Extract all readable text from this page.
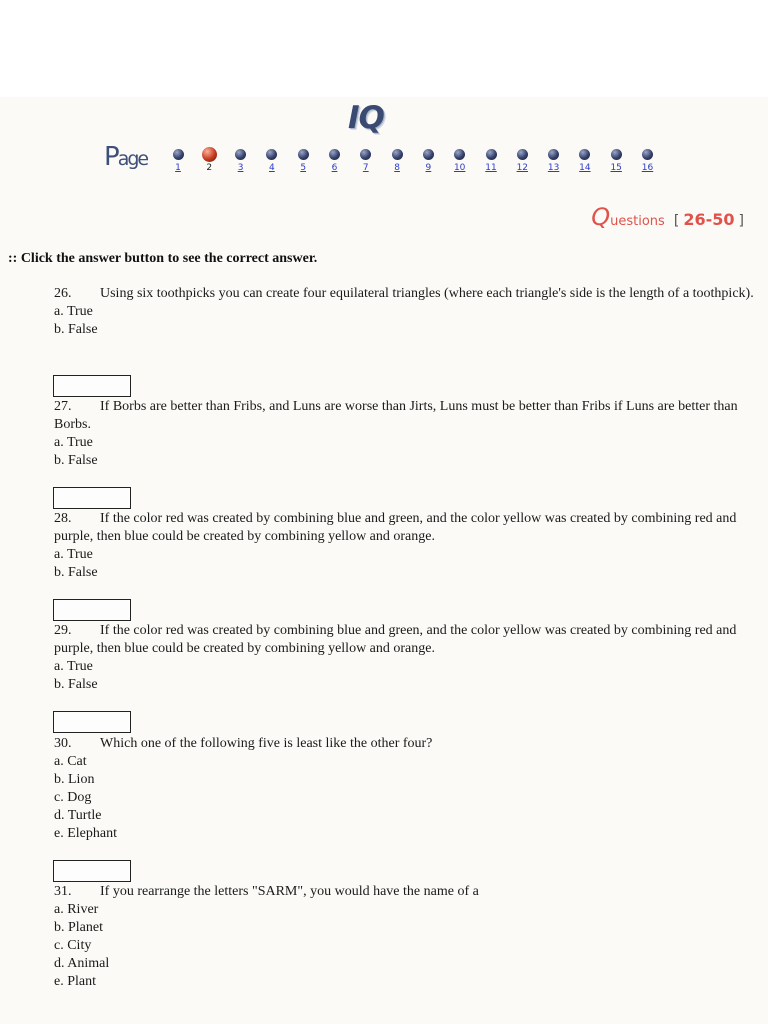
IQ
Page	1	2	3	4	5	6	7	8	9	10	11	12	13	14	15	16
Questions [ 26-50 ]
:: Click the answer button to see the correct answer.
26. Using six toothpicks you can create four equilateral triangles (where each triangle's side is the length of a toothpick).
a. True
b. False
27. If Borbs are better than Fribs, and Luns are worse than Jirts, Luns must be better than Fribs if Luns are better than Borbs.
a. True
b. False
28. If the color red was created by combining blue and green, and the color yellow was created by combining red and purple, then blue could be created by combining yellow and orange.
a. True
b. False
29. If the color red was created by combining blue and green, and the color yellow was created by combining red and purple, then blue could be created by combining yellow and orange.
a. True
b. False
30. Which one of the following five is least like the other four?
a. Cat
b. Lion
c. Dog
d. Turtle
e. Elephant
31. If you rearrange the letters "SARM", you would have the name of a
a. River
b. Planet
c. City
d. Animal
e. Plant
